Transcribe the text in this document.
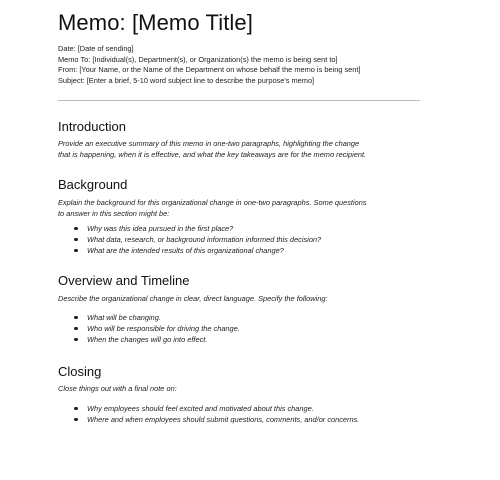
Memo: [Memo Title]
Date: [Date of sending]
Memo To: [Individual(s), Department(s), or Organization(s) the memo is being sent to]
From: [Your Name, or the Name of the Department on whose behalf the memo is being sent]
Subject: [Enter a brief, 5-10 word subject line to describe the purpose's memo]
Introduction

Provide an executive summary of this memo in one-two paragraphs, highlighting the change
that is happening, when it is effective, and what the key takeaways are for the memo recipient.

Background

Explain the background for this organizational change in one-two paragraphs. Some questions
to answer in this section might be:

Why was this idea pursued in the first place?
What data, research, or background information informed this decision?
What are the intended results of this organizational change?
Overview and Timeline

Describe the organizational change in clear, direct language. Specify the following:

What will be changing.
Who will be responsible for driving the change.
When the changes will go into effect.
Closing

Close things out with a final note on:

Why employees should feel excited and motivated about this change.
Where and when employees should submit questions, comments, and/or concerns.
